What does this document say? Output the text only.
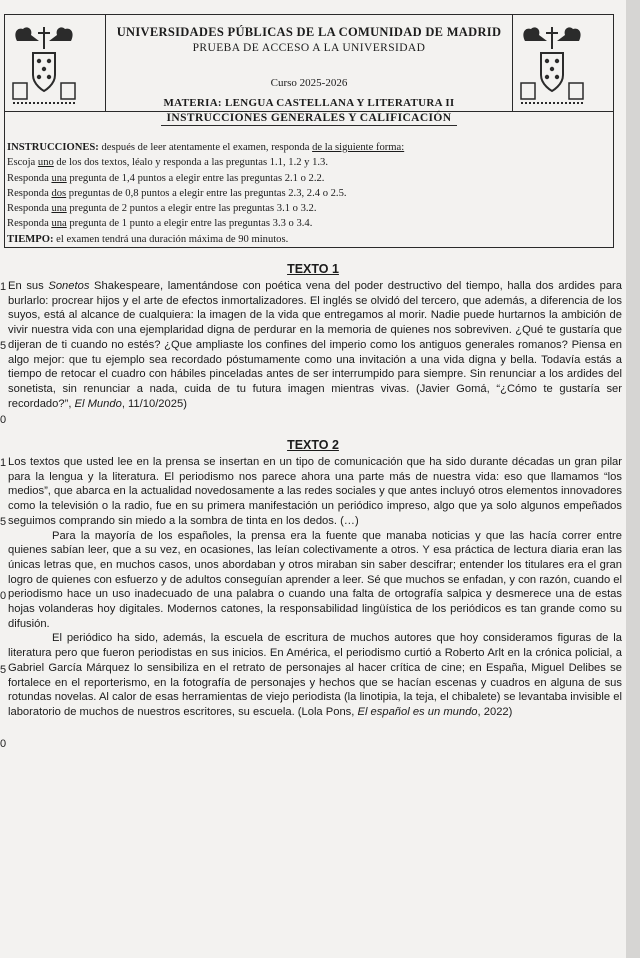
UNIVERSIDADES PÚBLICAS DE LA COMUNIDAD DE MADRID
PRUEBA DE ACCESO A LA UNIVERSIDAD
Curso 2025-2026
MATERIA: LENGUA CASTELLANA Y LITERATURA II
INSTRUCCIONES GENERALES Y CALIFICACIÓN
INSTRUCCIONES: después de leer atentamente el examen, responda de la siguiente forma:
Escoja uno de los dos textos, léalo y responda a las preguntas 1.1, 1.2 y 1.3.
Responda una pregunta de 1,4 puntos a elegir entre las preguntas 2.1 o 2.2.
Responda dos preguntas de 0,8 puntos a elegir entre las preguntas 2.3, 2.4 o 2.5.
Responda una pregunta de 2 puntos a elegir entre las preguntas 3.1 o 3.2.
Responda una pregunta de 1 punto a elegir entre las preguntas 3.3 o 3.4.
TIEMPO: el examen tendrá una duración máxima de 90 minutos.
TEXTO 1
1
5
0

En sus Sonetos Shakespeare, lamentándose con poética vena del poder destructivo del tiempo, halla dos ardides para burlarlo: procrear hijos y el arte de efectos inmortalizadores. El inglés se olvidó del tercero, que además, a diferencia de los suyos, está al alcance de cualquiera: la imagen de la vida que entregamos al morir. Nadie puede hurtarnos la ambición de vivir nuestra vida con una ejemplaridad digna de perdurar en la memoria de quienes nos sobreviven. ¿Qué te gustaría que dijeran de ti cuando no estés? ¿Que ampliaste los confines del imperio como los antiguos generales romanos? Piensa en algo mejor: que tu ejemplo sea recordado póstumamente como una invitación a una vida digna y bella. Todavía estás a tiempo de retocar el cuadro con hábiles pinceladas antes de ser interrumpido para siempre. Sin renunciar a los ardides del sonetista, sin renunciar a nada, cuida de tu futura imagen mientras vivas. (Javier Gomá, “¿Cómo te gustaría ser recordado?”, El Mundo, 11/10/2025)

TEXTO 2
1
5
0
5
0

Los textos que usted lee en la prensa se insertan en un tipo de comunicación que ha sido durante décadas un gran pilar para la lengua y la literatura. El periodismo nos parece ahora una parte más de nuestra vida: eso que llamamos “los medios”, que abarca en la actualidad novedosamente a las redes sociales y que antes incluyó otros elementos innovadores como la televisión o la radio, fue en su primera manifestación un periódico impreso, algo que ya solo algunos empeñados seguimos comprando sin miedo a la sombra de tinta en los dedos. (…)

Para la mayoría de los españoles, la prensa era la fuente que manaba noticias y que las hacía correr entre quienes sabían leer, que a su vez, en ocasiones, las leían colectivamente a otros. Y esa práctica de lectura diaria eran las únicas letras que, en muchos casos, unos abordaban y otros miraban sin saber descifrar; entender los titulares era el gran logro de quienes con esfuerzo y de adultos conseguían aprender a leer. Sé que muchos se enfadan, y con razón, cuando el periodismo hace un uso inadecuado de una palabra o cuando una falta de ortografía salpica y desmerece una de estas hojas volanderas hoy digitales. Modernos catones, la responsabilidad lingüística de los periódicos es tan grande como su difusión.

El periódico ha sido, además, la escuela de escritura de muchos autores que hoy consideramos figuras de la literatura pero que fueron periodistas en sus inicios. En América, el periodismo curtió a Roberto Arlt en la crónica policial, a Gabriel García Márquez lo sensibiliza en el retrato de personajes al hacer crítica de cine; en España, Miguel Delibes se fortalece en el reporterismo, en la fotografía de personajes y hechos que se hacían escenas y cuadros en alguna de sus rotundas novelas. Al calor de esas herramientas de viejo periodista (la linotipia, la teja, el chibalete) se levantaba invisible el laboratorio de muchos de nuestros escritores, su escuela. (Lola Pons, El español es un mundo, 2022)
